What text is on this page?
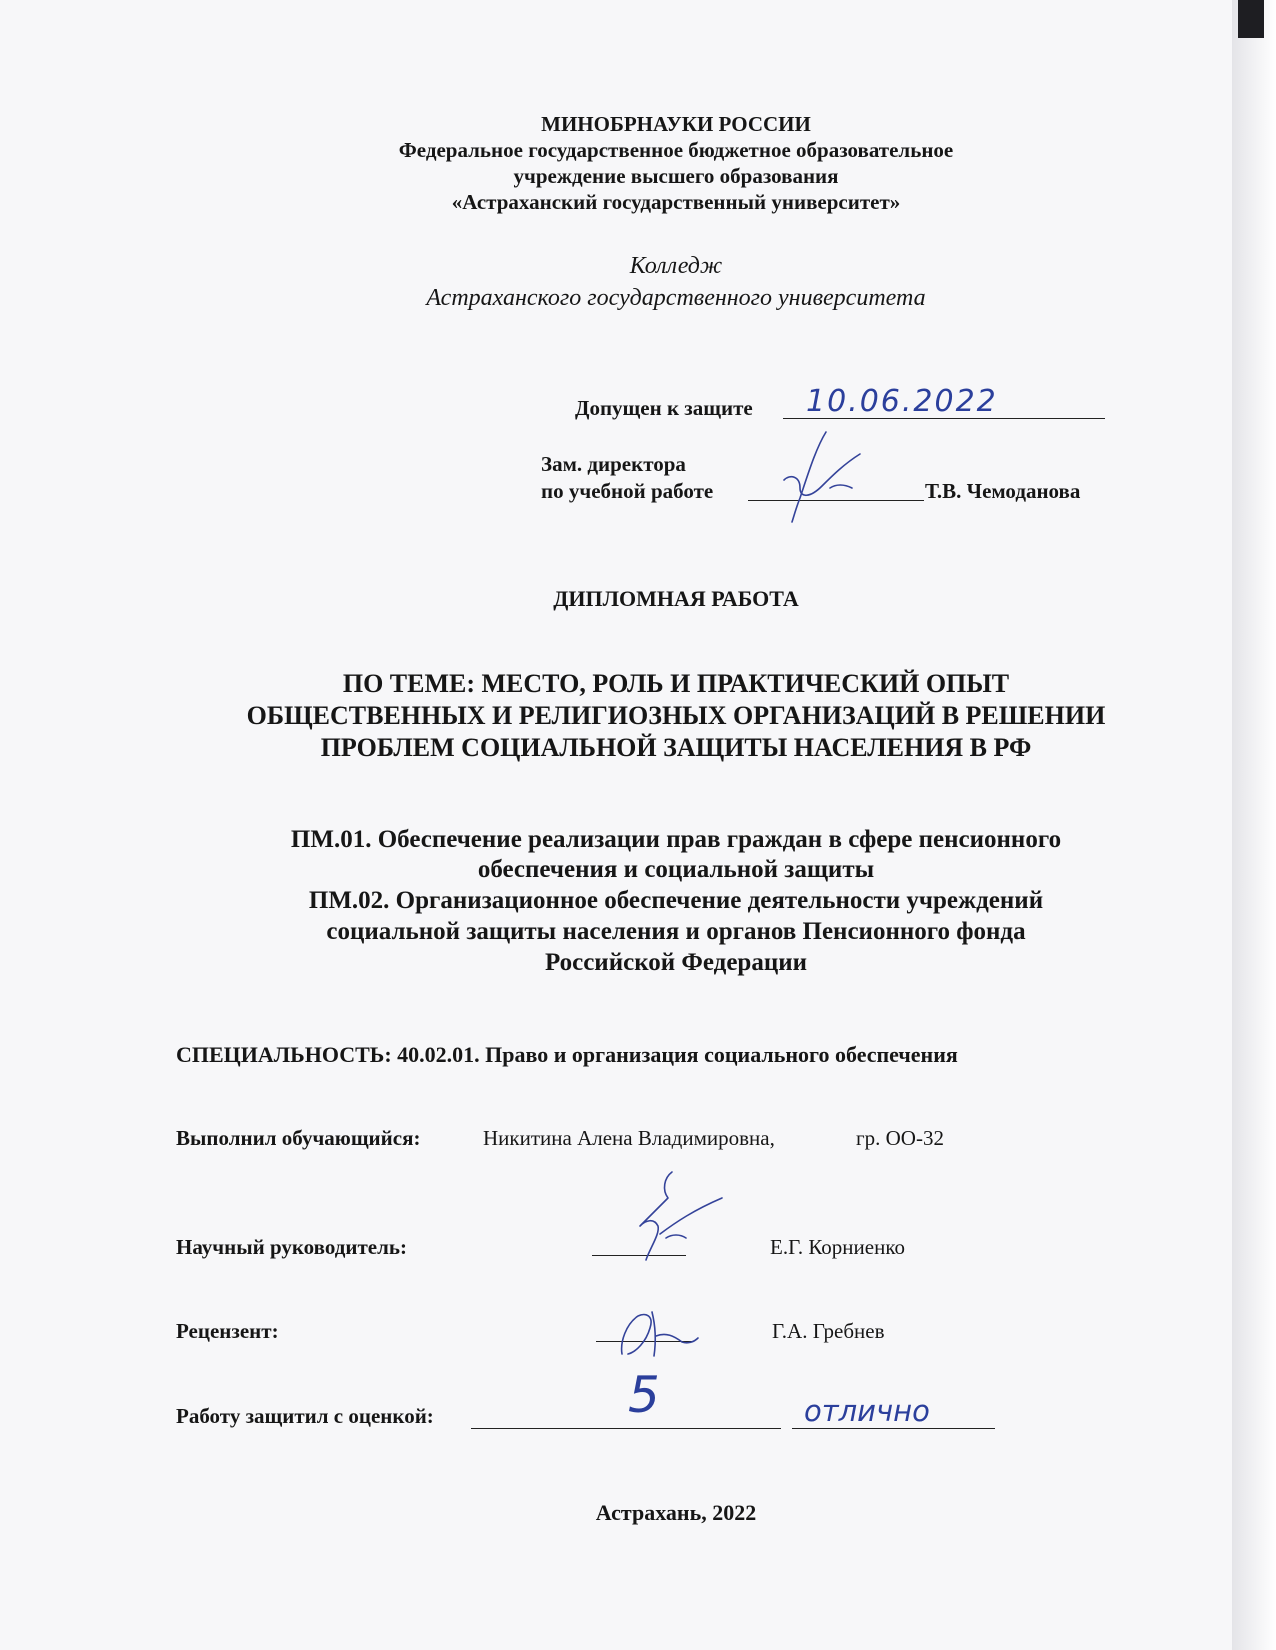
МИНОБРНАУКИ РОССИИ
Федеральное государственное бюджетное образовательное
учреждение высшего образования
«Астраханский государственный университет»
Колледж
Астраханского государственного университета
Допущен к защите 10.06.2022
Зам. директора
по учебной работе	Т.В. Чемоданова
ДИПЛОМНАЯ РАБОТА
ПО ТЕМЕ: МЕСТО, РОЛЬ И ПРАКТИЧЕСКИЙ ОПЫТ
ОБЩЕСТВЕННЫХ И РЕЛИГИОЗНЫХ ОРГАНИЗАЦИЙ В РЕШЕНИИ
ПРОБЛЕМ СОЦИАЛЬНОЙ ЗАЩИТЫ НАСЕЛЕНИЯ В РФ
ПМ.01. Обеспечение реализации прав граждан в сфере пенсионного
обеспечения и социальной защиты
ПМ.02. Организационное обеспечение деятельности учреждений
социальной защиты населения и органов Пенсионного фонда
Российской Федерации
СПЕЦИАЛЬНОСТЬ: 40.02.01. Право и организация социального обеспечения
Выполнил обучающийся:	Никитина Алена Владимировна,	гр. ОО-32
Научный руководитель:	Е.Г. Корниенко
Рецензент:	Г.А. Гребнев
Работу защитил с оценкой:	5	отлично
Астрахань, 2022
